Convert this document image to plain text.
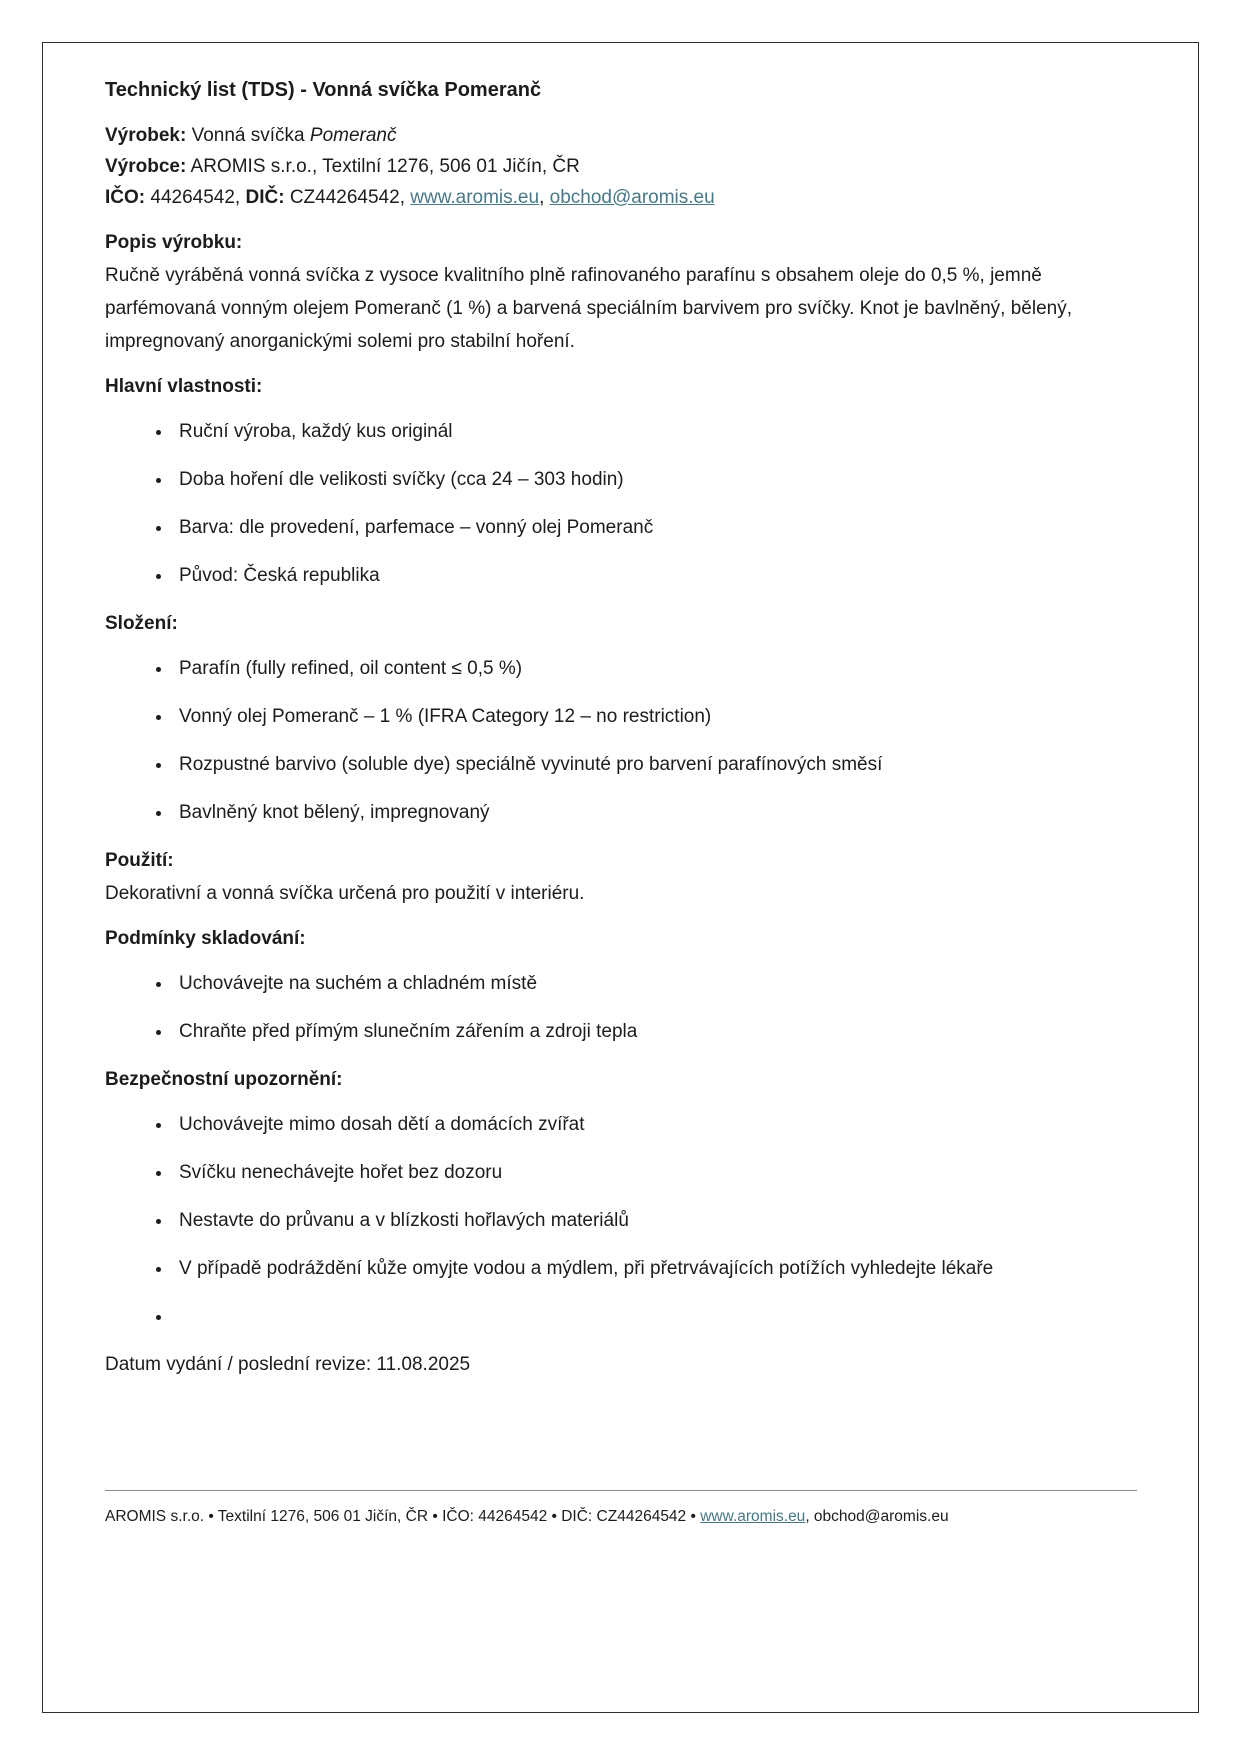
Technický list (TDS) - Vonná svíčka Pomeranč

Výrobek: Vonná svíčka Pomeranč

Výrobce: AROMIS s.r.o., Textilní 1276, 506 01 Jičín, ČR

IČO: 44264542, DIČ: CZ44264542, www.aromis.eu, obchod@aromis.eu

Popis výrobku:

Ručně vyráběná vonná svíčka z vysoce kvalitního plně rafinovaného parafínu s obsahem oleje do 0,5 %, jemně parfémovaná vonným olejem Pomeranč (1 %) a barvená speciálním barvivem pro svíčky. Knot je bavlněný, bělený, impregnovaný anorganickými solemi pro stabilní hoření.

Hlavní vlastnosti:
• Ruční výroba, každý kus originál
• Doba hoření dle velikosti svíčky (cca 24 – 303 hodin)
• Barva: dle provedení, parfemace – vonný olej Pomeranč
• Původ: Česká republika
Složení:
• Parafín (fully refined, oil content ≤ 0,5 %)
• Vonný olej Pomeranč – 1 % (IFRA Category 12 – no restriction)
• Rozpustné barvivo (soluble dye) speciálně vyvinuté pro barvení parafínových směsí
• Bavlněný knot bělený, impregnovaný
Použití:

Dekorativní a vonná svíčka určená pro použití v interiéru.

Podmínky skladování:
• Uchovávejte na suchém a chladném místě
• Chraňte před přímým slunečním zářením a zdroji tepla
Bezpečnostní upozornění:
• Uchovávejte mimo dosah dětí a domácích zvířat
• Svíčku nenechávejte hořet bez dozoru
• Nestavte do průvanu a v blízkosti hořlavých materiálů
• V případě podráždění kůže omyjte vodou a mýdlem, při přetrvávajících potížích vyhledejte lékaře
•

Datum vydání / poslední revize: 11.08.2025

AROMIS s.r.o. • Textilní 1276, 506 01 Jičín, ČR • IČO: 44264542 • DIČ: CZ44264542 • www.aromis.eu, obchod@aromis.eu
